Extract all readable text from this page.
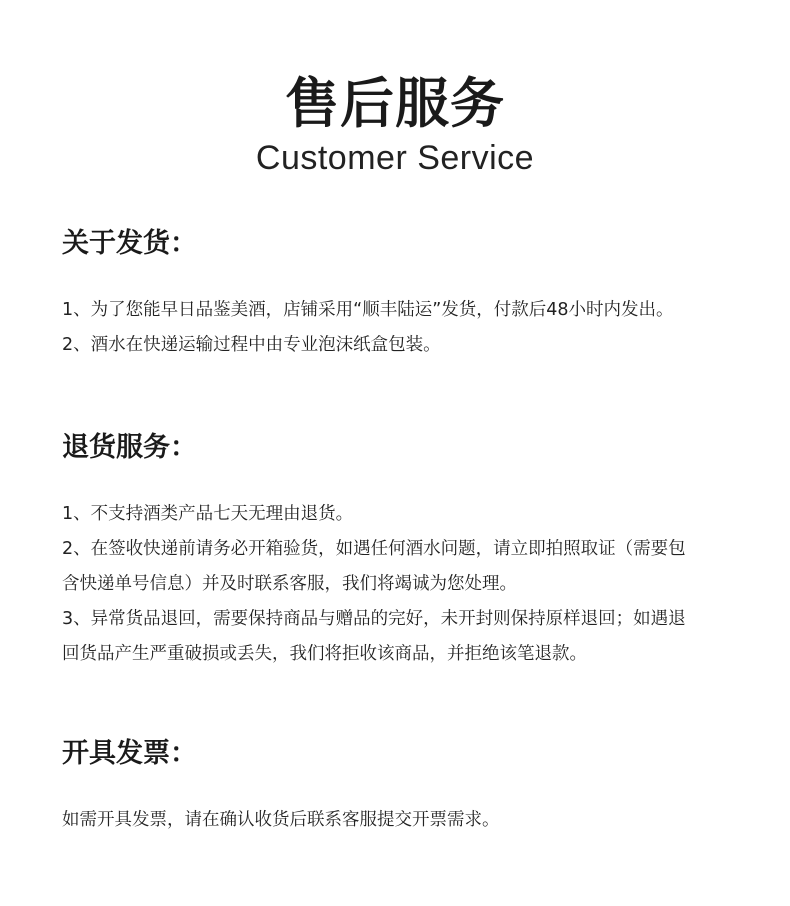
售后服务
Customer Service
关于发货：
1、为了您能早日品鉴美酒，店铺采用“顺丰陆运”发货，付款后48小时内发出。
2、酒水在快递运输过程中由专业泡沫纸盒包装。
退货服务：
1、不支持酒类产品七天无理由退货。
2、在签收快递前请务必开箱验货，如遇任何酒水问题，请立即拍照取证（需要包
含快递单号信息）并及时联系客服，我们将竭诚为您处理。
3、异常货品退回，需要保持商品与赠品的完好，未开封则保持原样退回；如遇退
回货品产生严重破损或丢失，我们将拒收该商品，并拒绝该笔退款。
开具发票：
如需开具发票，请在确认收货后联系客服提交开票需求。
